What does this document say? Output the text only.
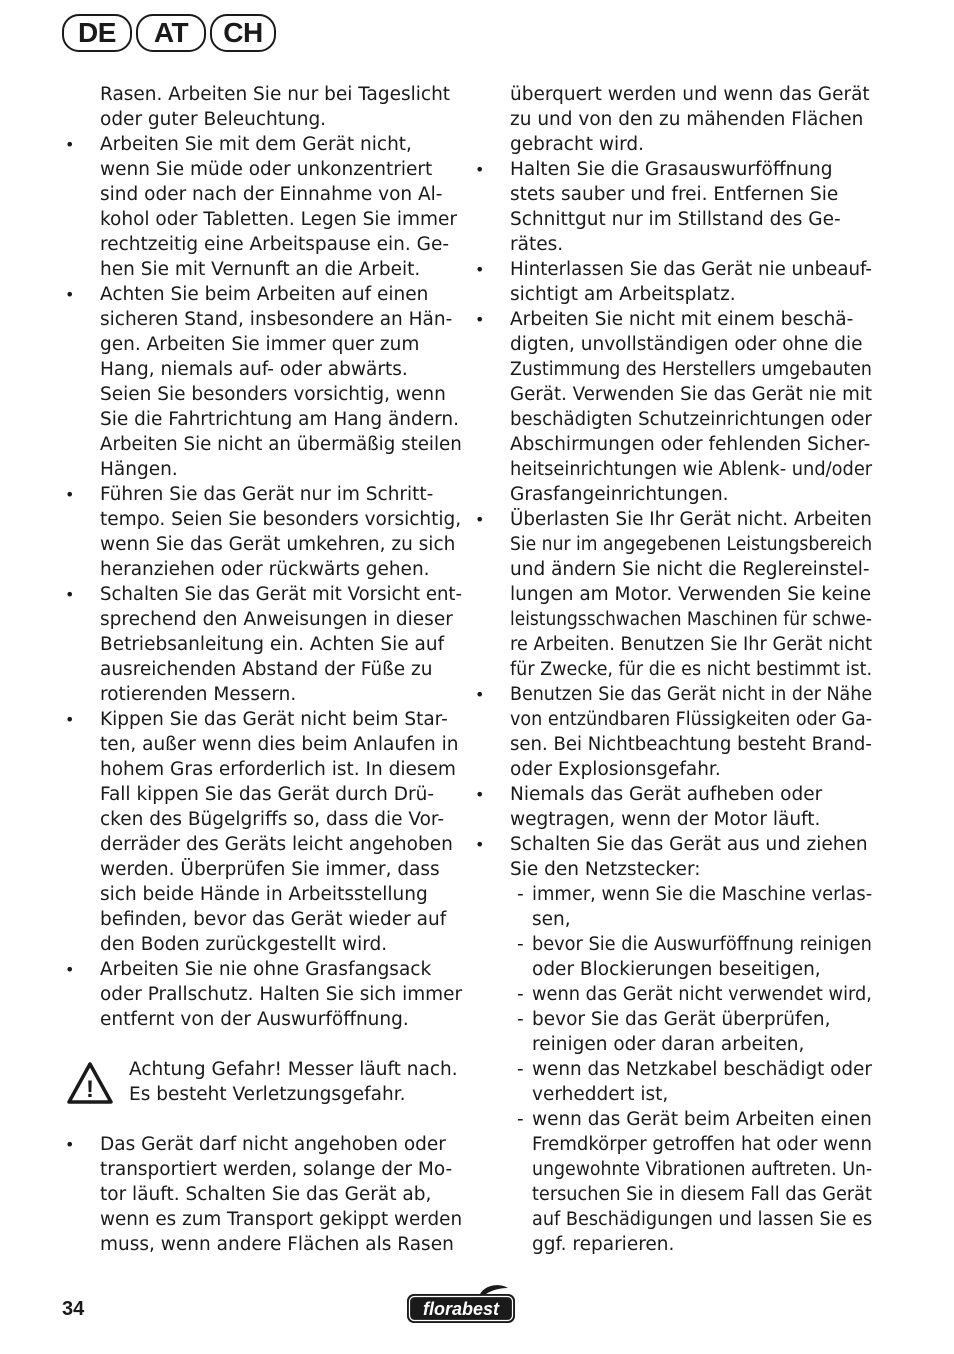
DE	AT	CH
Rasen. Arbeiten Sie nur bei Tageslicht
oder guter Beleuchtung.
• Arbeiten Sie mit dem Gerät nicht,
wenn Sie müde oder unkonzentriert
sind oder nach der Einnahme von Al-
kohol oder Tabletten. Legen Sie immer
rechtzeitig eine Arbeitspause ein. Ge-
hen Sie mit Vernunft an die Arbeit.
• Achten Sie beim Arbeiten auf einen
sicheren Stand, insbesondere an Hän-
gen. Arbeiten Sie immer quer zum
Hang, niemals auf- oder abwärts.
Seien Sie besonders vorsichtig, wenn
Sie die Fahrtrichtung am Hang ändern.
Arbeiten Sie nicht an übermäßig steilen
Hängen.
• Führen Sie das Gerät nur im Schritt-
tempo. Seien Sie besonders vorsichtig,
wenn Sie das Gerät umkehren, zu sich
heranziehen oder rückwärts gehen.
• Schalten Sie das Gerät mit Vorsicht ent-
sprechend den Anweisungen in dieser
Betriebsanleitung ein. Achten Sie auf
ausreichenden Abstand der Füße zu
rotierenden Messern.
• Kippen Sie das Gerät nicht beim Star-
ten, außer wenn dies beim Anlaufen in
hohem Gras erforderlich ist. In diesem
Fall kippen Sie das Gerät durch Drü-
cken des Bügelgriffs so, dass die Vor-
derräder des Geräts leicht angehoben
werden. Überprüfen Sie immer, dass
sich beide Hände in Arbeitsstellung
befinden, bevor das Gerät wieder auf
den Boden zurückgestellt wird.
• Arbeiten Sie nie ohne Grasfangsack
oder Prallschutz. Halten Sie sich immer
entfernt von der Auswurföffnung.
!
Achtung Gefahr! Messer läuft nach.
Es besteht Verletzungsgefahr.
• Das Gerät darf nicht angehoben oder
transportiert werden, solange der Mo-
tor läuft. Schalten Sie das Gerät ab,
wenn es zum Transport gekippt werden
muss, wenn andere Flächen als Rasen
überquert werden und wenn das Gerät
zu und von den zu mähenden Flächen
gebracht wird.
• Halten Sie die Grasauswurföffnung
stets sauber und frei. Entfernen Sie
Schnittgut nur im Stillstand des Ge-
rätes.
• Hinterlassen Sie das Gerät nie unbeauf-
sichtigt am Arbeitsplatz.
• Arbeiten Sie nicht mit einem beschä-
digten, unvollständigen oder ohne die
Zustimmung des Herstellers umgebauten
Gerät. Verwenden Sie das Gerät nie mit
beschädigten Schutzeinrichtungen oder
Abschirmungen oder fehlenden Sicher-
heitseinrichtungen wie Ablenk- und/oder
Grasfangeinrichtungen.
• Überlasten Sie Ihr Gerät nicht. Arbeiten
Sie nur im angegebenen Leistungsbereich
und ändern Sie nicht die Reglereinstel-
lungen am Motor. Verwenden Sie keine
leistungsschwachen Maschinen für schwe-
re Arbeiten. Benutzen Sie Ihr Gerät nicht
für Zwecke, für die es nicht bestimmt ist.
• Benutzen Sie das Gerät nicht in der Nähe
von entzündbaren Flüssigkeiten oder Ga-
sen. Bei Nichtbeachtung besteht Brand-
oder Explosionsgefahr.
• Niemals das Gerät aufheben oder
wegtragen, wenn der Motor läuft.
• Schalten Sie das Gerät aus und ziehen
Sie den Netzstecker:
- immer, wenn Sie die Maschine verlas-
sen,
- bevor Sie die Auswurföffnung reinigen
oder Blockierungen beseitigen,
- wenn das Gerät nicht verwendet wird,
- bevor Sie das Gerät überprüfen,
reinigen oder daran arbeiten,
- wenn das Netzkabel beschädigt oder
verheddert ist,
- wenn das Gerät beim Arbeiten einen
Fremdkörper getroffen hat oder wenn
ungewohnte Vibrationen auftreten. Un-
tersuchen Sie in diesem Fall das Gerät
auf Beschädigungen und lassen Sie es
ggf. reparieren.
34	florabest
